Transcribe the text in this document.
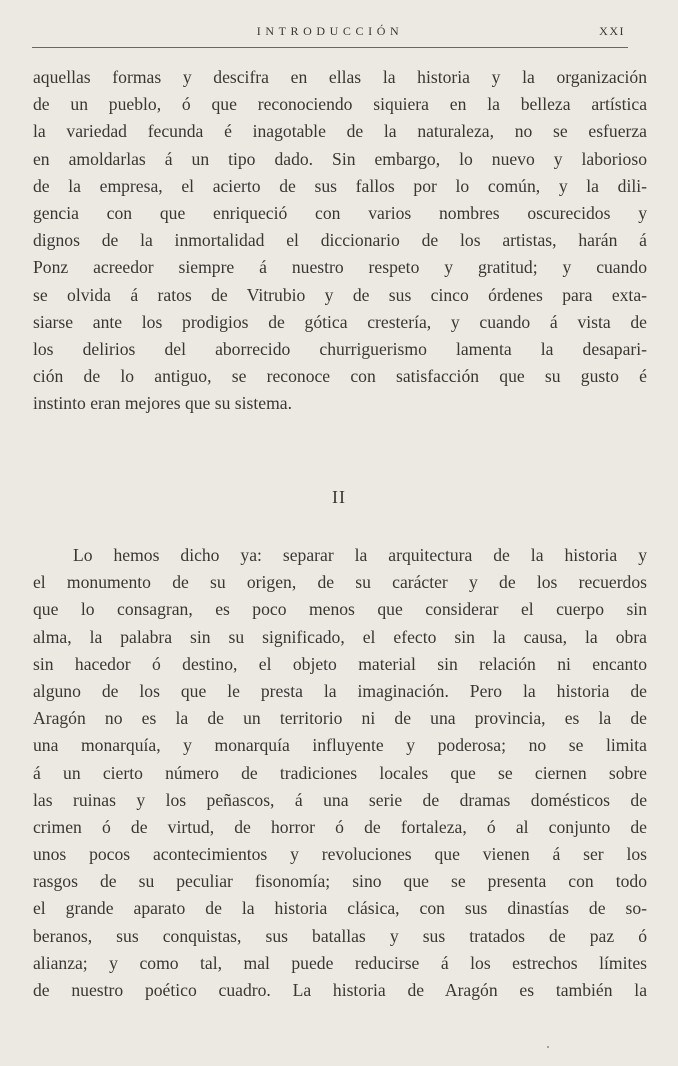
INTRODUCCIÓN	XXI
aquellas formas y descifra en ellas la historia y la organización
de un pueblo, ó que reconociendo siquiera en la belleza artística
la variedad fecunda é inagotable de la naturaleza, no se esfuerza
en amoldarlas á un tipo dado. Sin embargo, lo nuevo y laborioso
de la empresa, el acierto de sus fallos por lo común, y la dili-
gencia con que enriqueció con varios nombres oscurecidos y
dignos de la inmortalidad el diccionario de los artistas, harán á
Ponz acreedor siempre á nuestro respeto y gratitud; y cuando
se olvida á ratos de Vitrubio y de sus cinco órdenes para exta-
siarse ante los prodigios de gótica crestería, y cuando á vista de
los delirios del aborrecido churriguerismo lamenta la desapari-
ción de lo antiguo, se reconoce con satisfacción que su gusto é
instinto eran mejores que su sistema.
II
Lo hemos dicho ya: separar la arquitectura de la historia y
el monumento de su origen, de su carácter y de los recuerdos
que lo consagran, es poco menos que considerar el cuerpo sin
alma, la palabra sin su significado, el efecto sin la causa, la obra
sin hacedor ó destino, el objeto material sin relación ni encanto
alguno de los que le presta la imaginación. Pero la historia de
Aragón no es la de un territorio ni de una provincia, es la de
una monarquía, y monarquía influyente y poderosa; no se limita
á un cierto número de tradiciones locales que se ciernen sobre
las ruinas y los peñascos, á una serie de dramas domésticos de
crimen ó de virtud, de horror ó de fortaleza, ó al conjunto de
unos pocos acontecimientos y revoluciones que vienen á ser los
rasgos de su peculiar fisonomía; sino que se presenta con todo
el grande aparato de la historia clásica, con sus dinastías de so-
beranos, sus conquistas, sus batallas y sus tratados de paz ó
alianza; y como tal, mal puede reducirse á los estrechos límites
de nuestro poético cuadro. La historia de Aragón es también la
